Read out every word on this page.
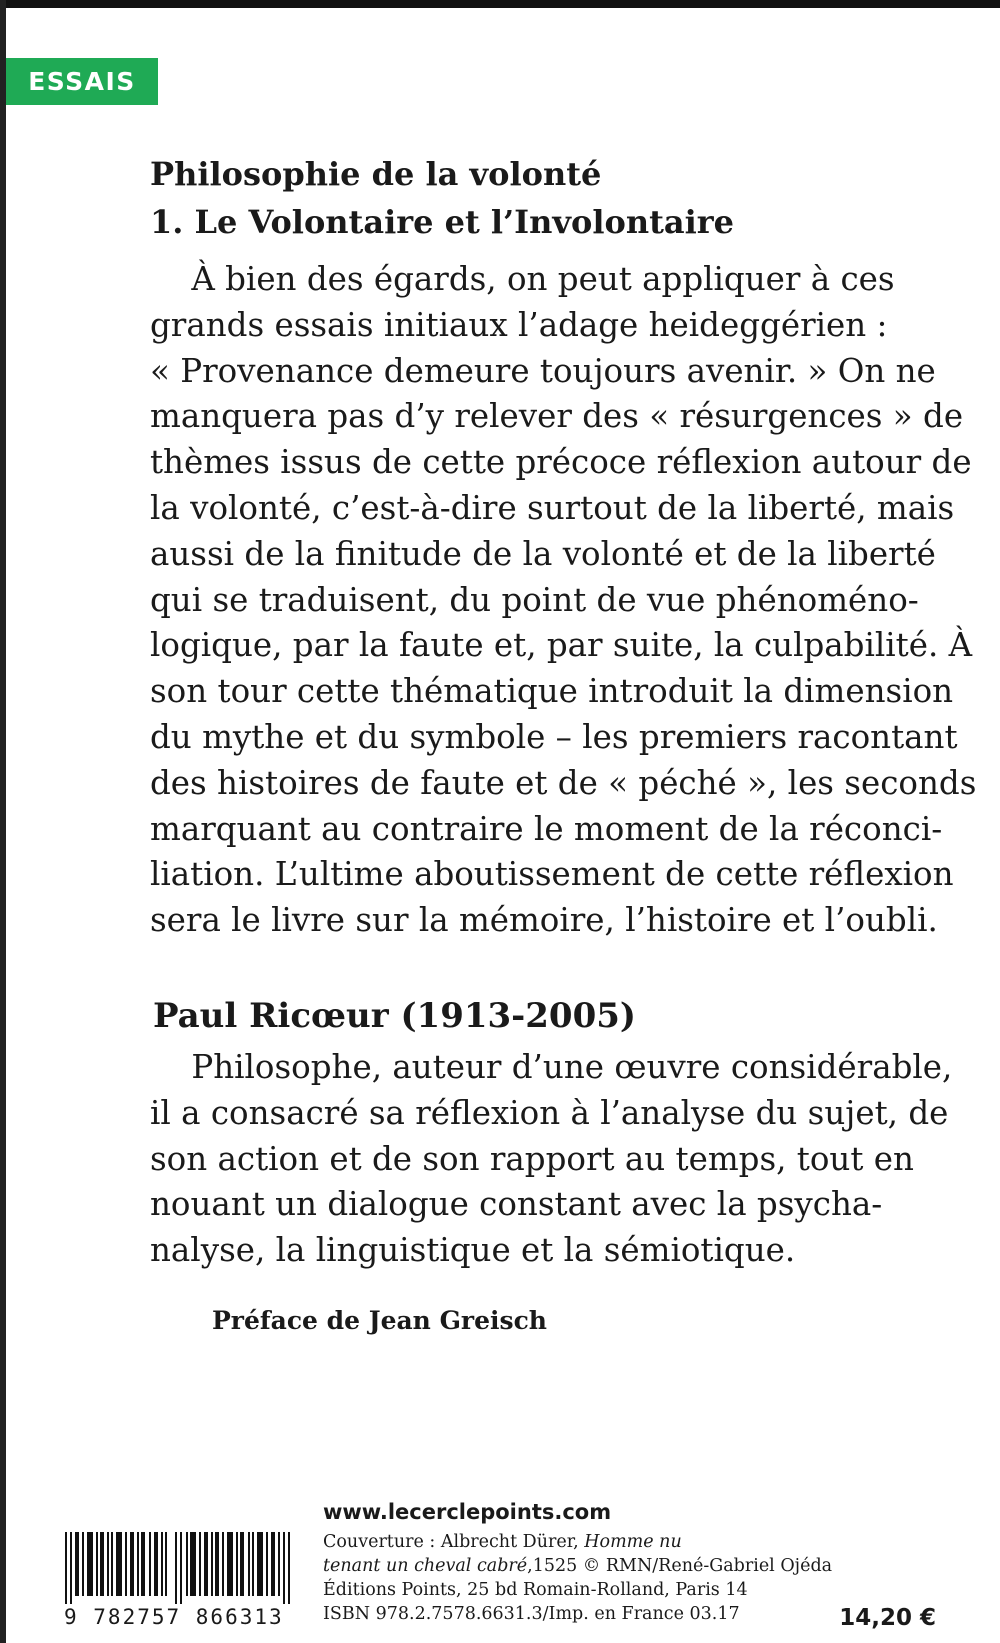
ESSAIS
Philosophie de la volonté
1. Le Volontaire et l’Involontaire
À bien des égards, on peut appliquer à ces
grands essais initiaux l’adage heideggérien :
« Provenance demeure toujours avenir. » On ne
manquera pas d’y relever des « résurgences » de
thèmes issus de cette précoce réflexion autour de
la volonté, c’est-à-dire surtout de la liberté, mais
aussi de la finitude de la volonté et de la liberté
qui se traduisent, du point de vue phénoméno-
logique, par la faute et, par suite, la culpabilité. À
son tour cette thématique introduit la dimension
du mythe et du symbole – les premiers racontant
des histoires de faute et de « péché », les seconds
marquant au contraire le moment de la réconci-
liation. L’ultime aboutissement de cette réflexion
sera le livre sur la mémoire, l’histoire et l’oubli.
Paul Ricœur (1913-2005)
Philosophe, auteur d’une œuvre considérable,
il a consacré sa réflexion à l’analyse du sujet, de
son action et de son rapport au temps, tout en
nouant un dialogue constant avec la psycha-
nalyse, la linguistique et la sémiotique.
Préface de Jean Greisch
www.lecerclepoints.com
9 782757 866313
Couverture : Albrecht Dürer, Homme nu
tenant un cheval cabré,1525 © RMN/René-Gabriel Ojéda
Éditions Points, 25 bd Romain-Rolland, Paris 14
ISBN 978.2.7578.6631.3/Imp. en France 03.17	14,20 €
